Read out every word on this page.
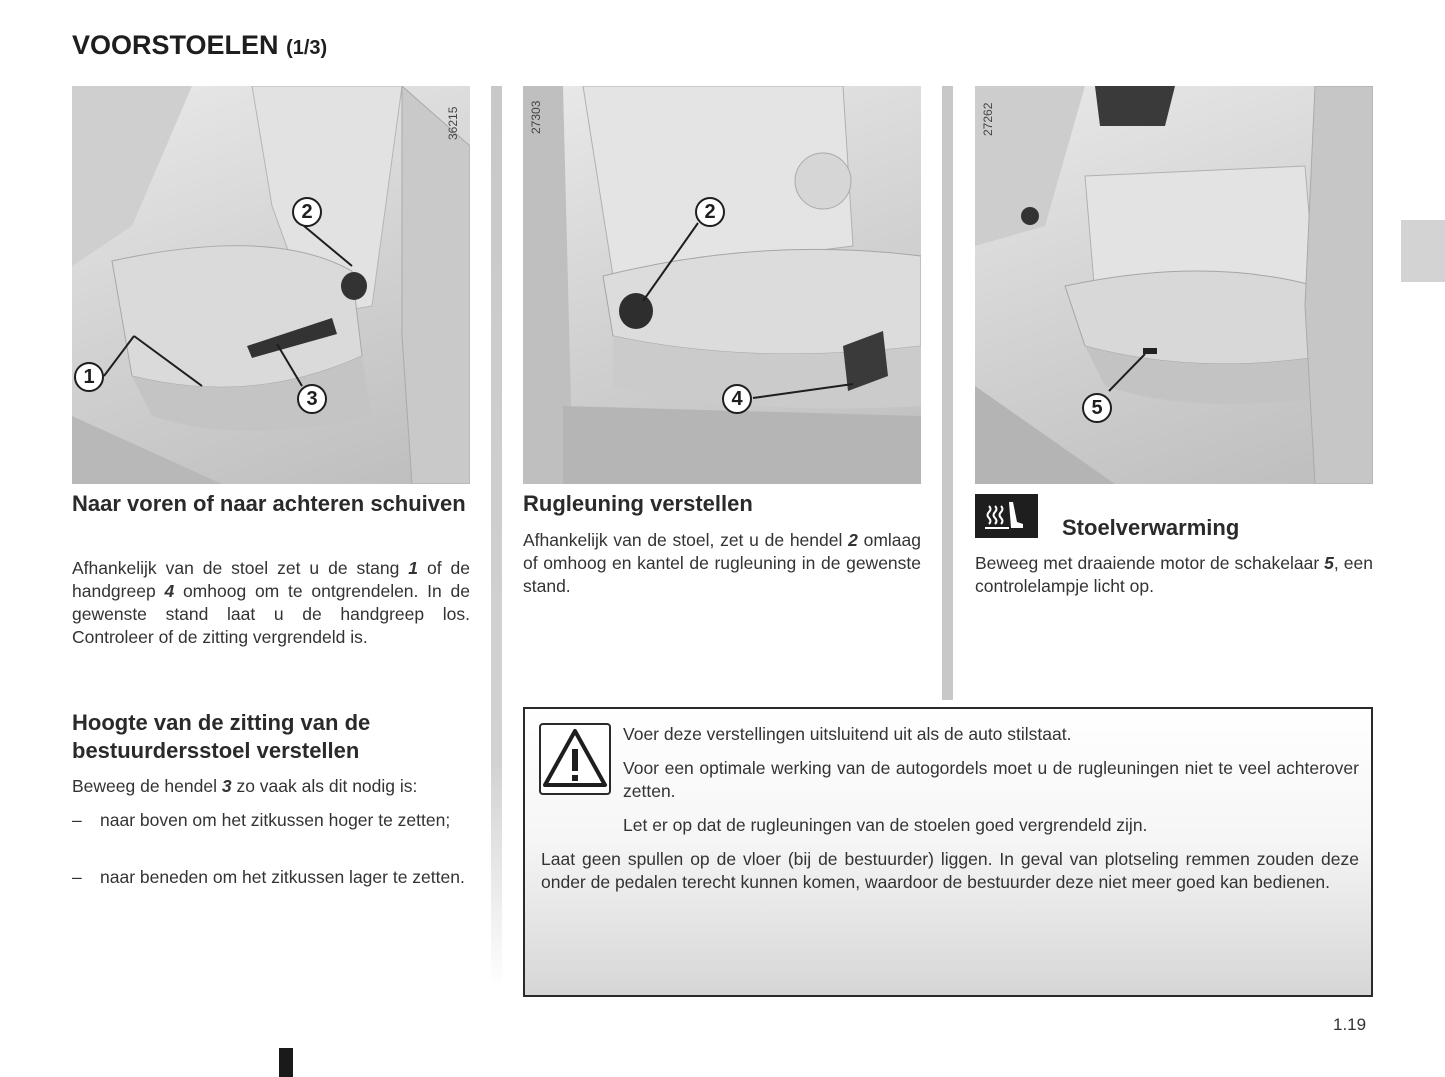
VOORSTOELEN (1/3)
36215
2
1
3
27303
2
4
27262
5
Naar voren of naar achteren schuiven

Afhankelijk van de stoel zet u de stang 1 of de handgreep 4 omhoog om te ontgrendelen. In de gewenste stand laat u de handgreep los. Controleer of de zitting vergrendeld is.

Hoogte van de zitting van de bestuurdersstoel verstellen

Beweeg de hendel 3 zo vaak als dit nodig is:

– naar boven om het zitkussen hoger te zetten;
– naar beneden om het zitkussen lager te zetten.
Rugleuning verstellen

Afhankelijk van de stoel, zet u de hendel 2 omlaag of omhoog en kantel de rugleuning in de gewenste stand.

Stoelverwarming

Beweeg met draaiende motor de schakelaar 5, een controlelampje licht op.

Voer deze verstellingen uitsluitend uit als de auto stilstaat.

Voor een optimale werking van de autogordels moet u de rugleuningen niet te veel achterover zetten.

Let er op dat de rugleuningen van de stoelen goed vergrendeld zijn.

Laat geen spullen op de vloer (bij de bestuurder) liggen. In geval van plotseling remmen zouden deze onder de pedalen terecht kunnen komen, waardoor de bestuurder deze niet meer goed kan bedienen.

1.19
